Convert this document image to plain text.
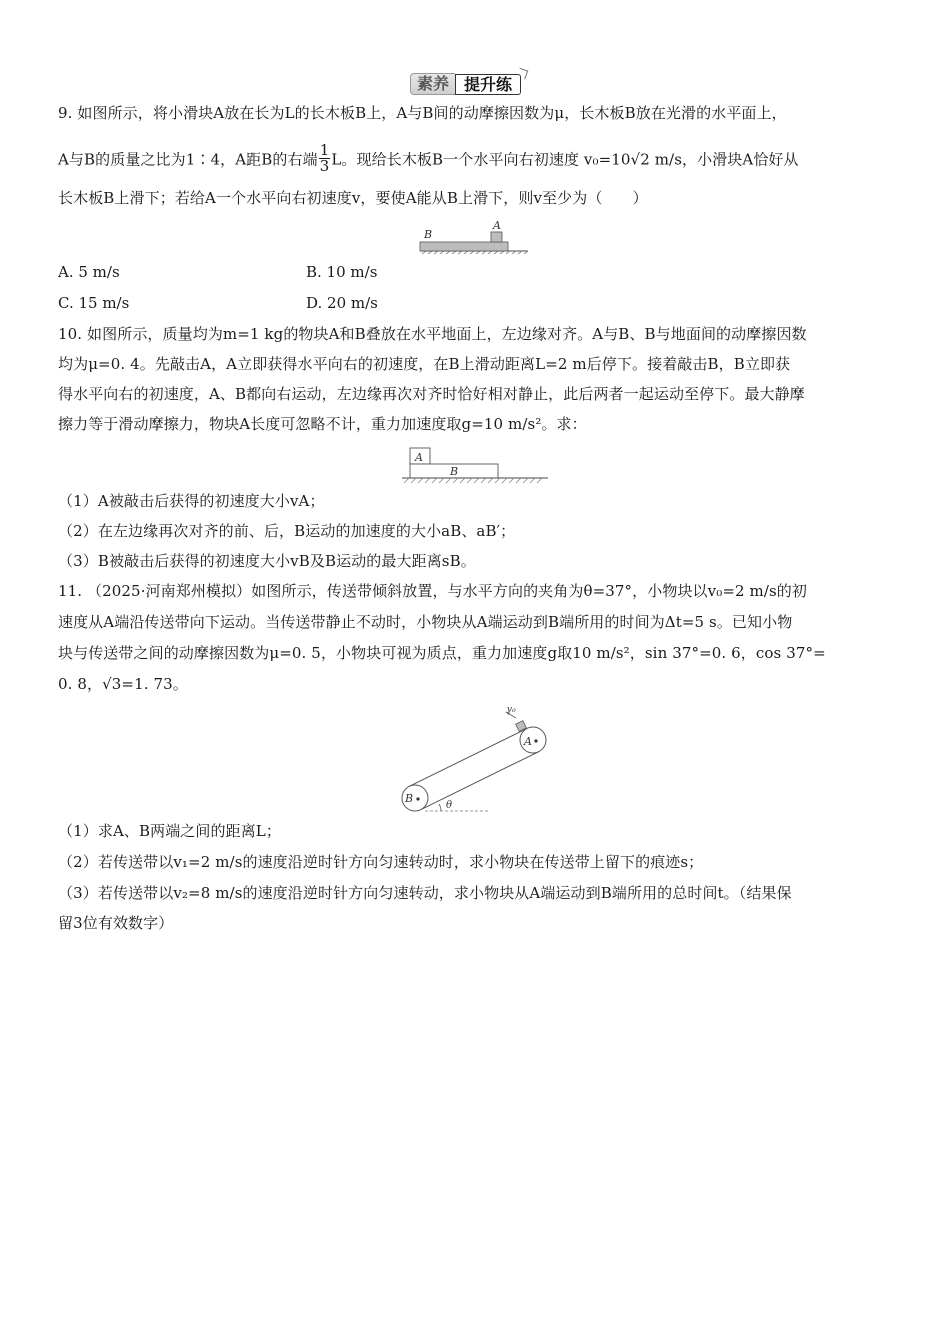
素养 提升练
9. 如图所示，将小滑块A放在长为L的长木板B上，A与B间的动摩擦因数为μ，长木板B放在光滑的水平面上，
A与B的质量之比为1∶4，A距B的右端 $\frac{1}{3}$ L。现给长木板B一个水平向右初速度 v₀=10√2 m/s，小滑块A恰好从
长木板B上滑下；若给A一个水平向右初速度v，要使A能从B上滑下，则v至少为（　　）
B
A
A. 5 m/s	B. 10 m/s
C. 15 m/s	D. 20 m/s
10. 如图所示，质量均为m=1 kg的物块A和B叠放在水平地面上，左边缘对齐。A与B、B与地面间的动摩擦因数
均为μ=0. 4。先敲击A，A立即获得水平向右的初速度，在B上滑动距离L=2 m后停下。接着敲击B，B立即获
得水平向右的初速度，A、B都向右运动，左边缘再次对齐时恰好相对静止，此后两者一起运动至停下。最大静摩
擦力等于滑动摩擦力，物块A长度可忽略不计，重力加速度取g=10 m/s²。求：
A
B
（1）A被敲击后获得的初速度大小vA；
（2）在左边缘再次对齐的前、后，B运动的加速度的大小aB、aB′；
（3）B被敲击后获得的初速度大小vB及B运动的最大距离sB。
11. （2025·河南郑州模拟）如图所示，传送带倾斜放置，与水平方向的夹角为θ=37°，小物块以v₀=2 m/s的初
速度从A端沿传送带向下运动。当传送带静止不动时，小物块从A端运动到B端所用的时间为Δt=5 s。已知小物
块与传送带之间的动摩擦因数为μ=0. 5，小物块可视为质点，重力加速度g取10 m/s²，sin 37°=0. 6，cos 37°=
0. 8，√3=1. 73。
v₀
A
B
θ
（1）求A、B两端之间的距离L；
（2）若传送带以v₁=2 m/s的速度沿逆时针方向匀速转动时，求小物块在传送带上留下的痕迹s；
（3）若传送带以v₂=8 m/s的速度沿逆时针方向匀速转动，求小物块从A端运动到B端所用的总时间t。（结果保
留3位有效数字）
